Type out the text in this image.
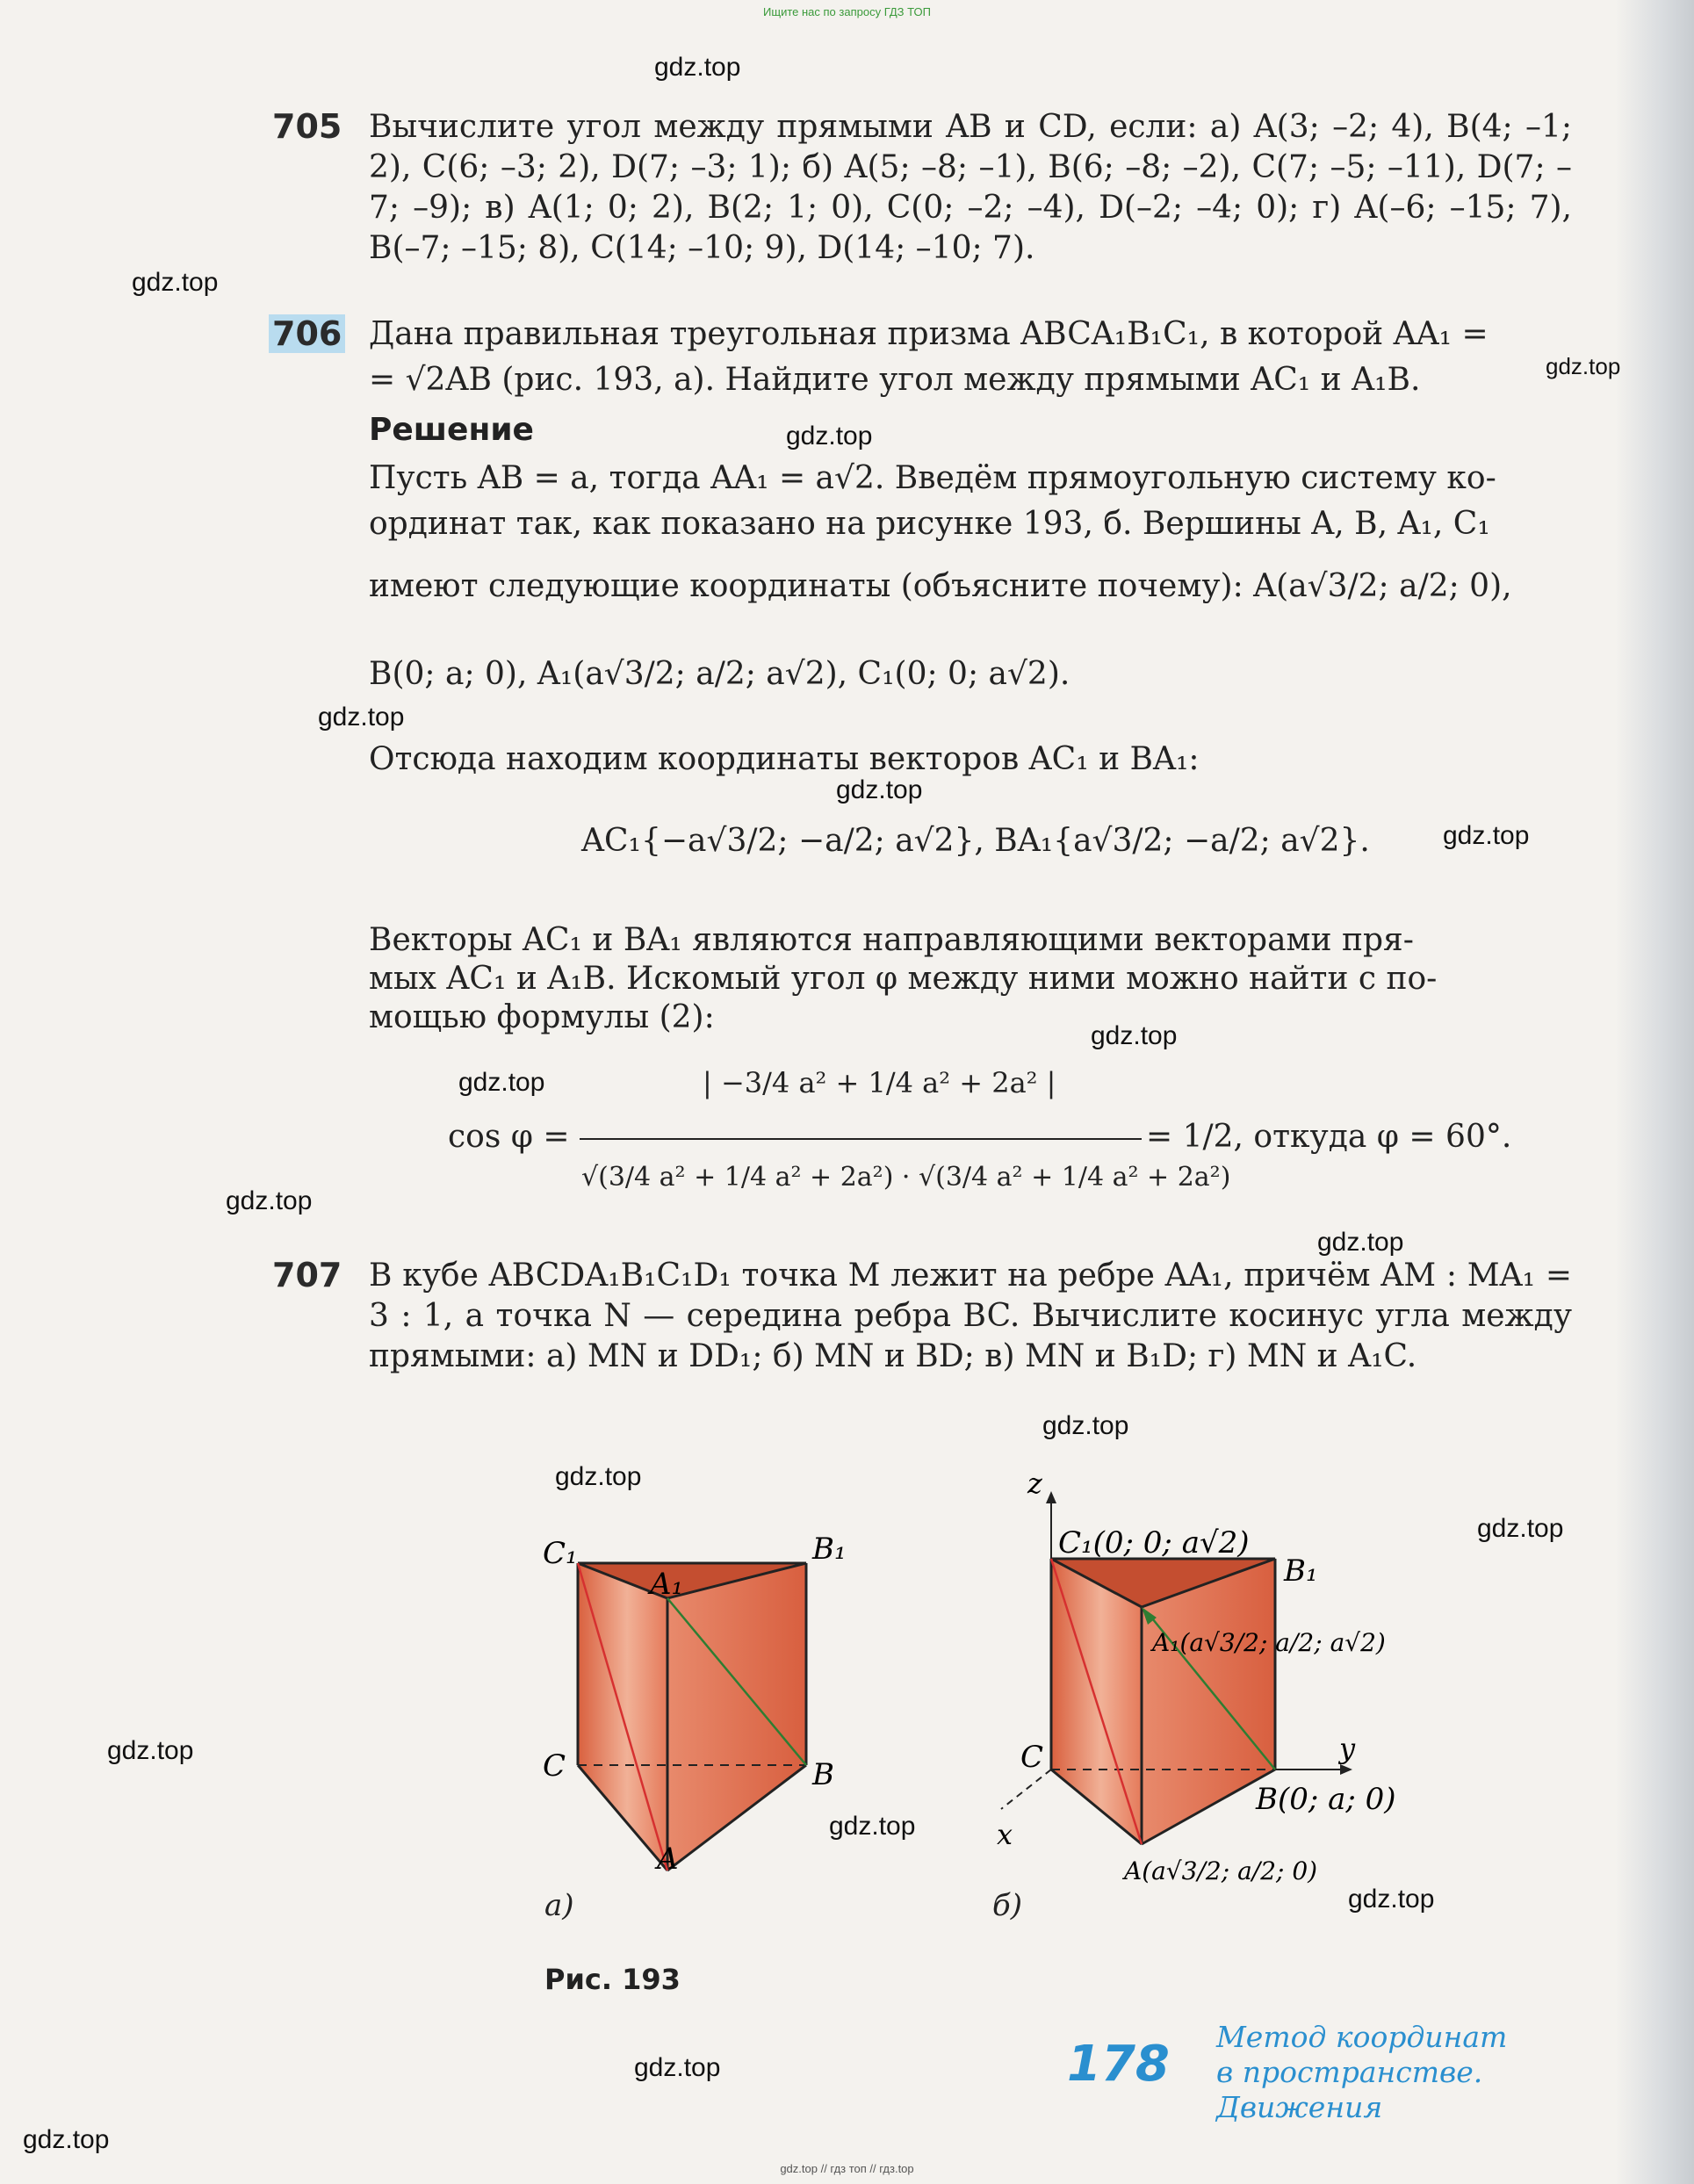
Ищите нас по запросу ГДЗ ТОП
gdz.top
gdz.top
gdz.top
gdz.top
gdz.top
gdz.top
gdz.top
gdz.top
gdz.top
gdz.top
gdz.top
gdz.top
gdz.top
gdz.top
gdz.top
gdz.top
gdz.top
gdz.top
gdz.top
705 Вычислите угол между прямыми AB и CD, если: а) A(3; –2; 4), B(4; –1; 2), C(6; –3; 2), D(7; –3; 1); б) A(5; –8; –1), B(6; –8; –2), C(7; –5; –11), D(7; –7; –9); в) A(1; 0; 2), B(2; 1; 0), C(0; –2; –4), D(–2; –4; 0); г) A(–6; –15; 7), B(–7; –15; 8), C(14; –10; 9), D(14; –10; 7).
706 Дана правильная треугольная призма ABCA₁B₁C₁, в которой AA₁ =
= √2AB (рис. 193, а). Найдите угол между прямыми AC₁ и A₁B.
Решение
Пусть AB = a, тогда AA₁ = a√2. Введём прямоугольную систему ко-
ординат так, как показано на рисунке 193, б. Вершины A, B, A₁, C₁
имеют следующие координаты (объясните почему): A(a√3/2; a/2; 0),
B(0; a; 0), A₁(a√3/2; a/2; a√2), C₁(0; 0; a√2).
Отсюда находим координаты векторов AC₁ и BA₁:
AC₁{−a√3/2; −a/2; a√2}, BA₁{a√3/2; −a/2; a√2}.
Векторы AC₁ и BA₁ являются направляющими векторами пря-
мых AC₁ и A₁B. Искомый угол φ между ними можно найти с по-
мощью формулы (2):
cos φ =
| −3/4 a² + 1/4 a² + 2a² |
√(3/4 a² + 1/4 a² + 2a²) · √(3/4 a² + 1/4 a² + 2a²)
= 1/2, откуда φ = 60°.
707 В кубе ABCDA₁B₁C₁D₁ точка M лежит на ребре AA₁, причём AM : MA₁ = 3 : 1, а точка N — середина ребра BC. Вычислите косинус угла между прямыми: а) MN и DD₁; б) MN и BD; в) MN и B₁D; г) MN и A₁C.
C₁	B₁
A₁
C	B
A
а)
z
y
x
C₁(0; 0; a√2)
B₁
A₁(a√3/2; a/2; a√2)
C
B(0; a; 0)
A(a√3/2; a/2; 0)
б)
Рис. 193
178 Метод координат
в пространстве.
Движения
gdz.top // гдз топ // гдз.top
